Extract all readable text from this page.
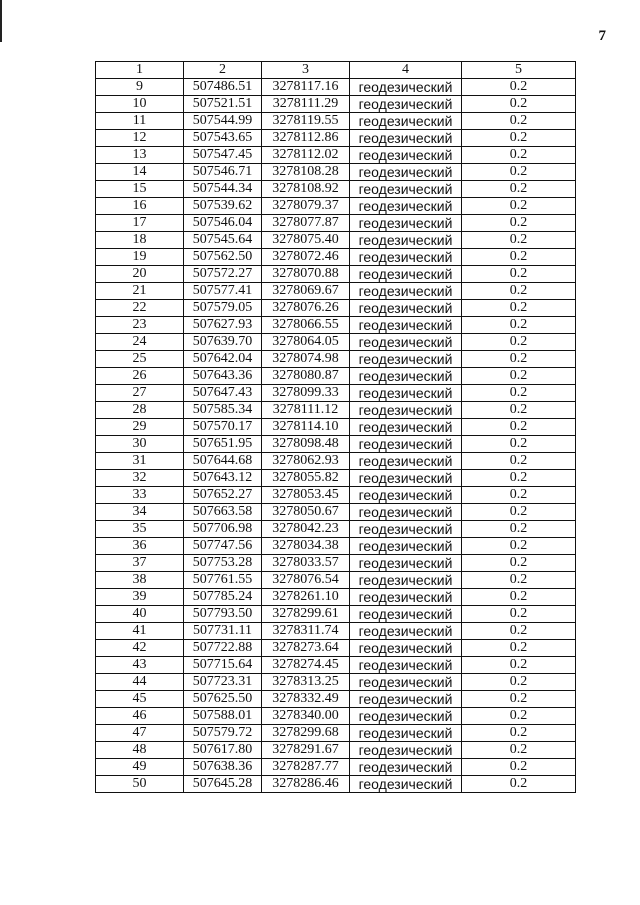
7
1	2	3	4	5
9	507486.51	3278117.16	геодезический	0.2
10	507521.51	3278111.29	геодезический	0.2
11	507544.99	3278119.55	геодезический	0.2
12	507543.65	3278112.86	геодезический	0.2
13	507547.45	3278112.02	геодезический	0.2
14	507546.71	3278108.28	геодезический	0.2
15	507544.34	3278108.92	геодезический	0.2
16	507539.62	3278079.37	геодезический	0.2
17	507546.04	3278077.87	геодезический	0.2
18	507545.64	3278075.40	геодезический	0.2
19	507562.50	3278072.46	геодезический	0.2
20	507572.27	3278070.88	геодезический	0.2
21	507577.41	3278069.67	геодезический	0.2
22	507579.05	3278076.26	геодезический	0.2
23	507627.93	3278066.55	геодезический	0.2
24	507639.70	3278064.05	геодезический	0.2
25	507642.04	3278074.98	геодезический	0.2
26	507643.36	3278080.87	геодезический	0.2
27	507647.43	3278099.33	геодезический	0.2
28	507585.34	3278111.12	геодезический	0.2
29	507570.17	3278114.10	геодезический	0.2
30	507651.95	3278098.48	геодезический	0.2
31	507644.68	3278062.93	геодезический	0.2
32	507643.12	3278055.82	геодезический	0.2
33	507652.27	3278053.45	геодезический	0.2
34	507663.58	3278050.67	геодезический	0.2
35	507706.98	3278042.23	геодезический	0.2
36	507747.56	3278034.38	геодезический	0.2
37	507753.28	3278033.57	геодезический	0.2
38	507761.55	3278076.54	геодезический	0.2
39	507785.24	3278261.10	геодезический	0.2
40	507793.50	3278299.61	геодезический	0.2
41	507731.11	3278311.74	геодезический	0.2
42	507722.88	3278273.64	геодезический	0.2
43	507715.64	3278274.45	геодезический	0.2
44	507723.31	3278313.25	геодезический	0.2
45	507625.50	3278332.49	геодезический	0.2
46	507588.01	3278340.00	геодезический	0.2
47	507579.72	3278299.68	геодезический	0.2
48	507617.80	3278291.67	геодезический	0.2
49	507638.36	3278287.77	геодезический	0.2
50	507645.28	3278286.46	геодезический	0.2
